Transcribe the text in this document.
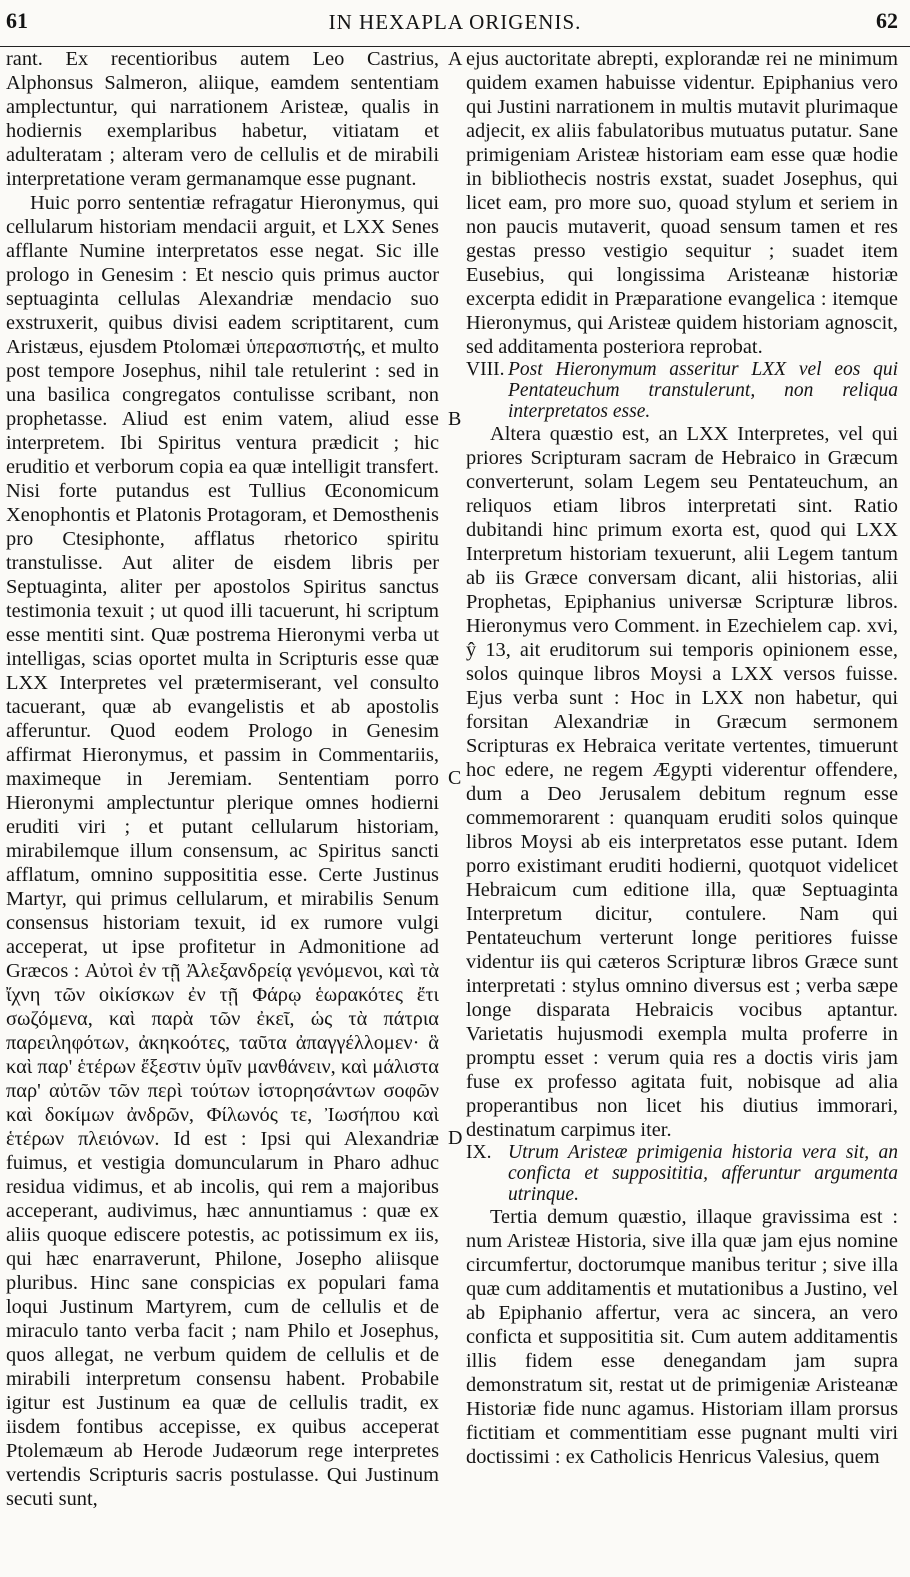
61	IN HEXAPLA ORIGENIS.	62
A
B
C
D

rant. Ex recentioribus autem Leo Castrius, Alphonsus Salmeron, aliique, eamdem sententiam amplectuntur, qui narrationem Aristeæ, qualis in hodiernis exemplaribus habetur, vitiatam et adulteratam ; alteram vero de cellulis et de mirabili interpretatione veram germanamque esse pugnant.

Huic porro sententiæ refragatur Hieronymus, qui cellularum historiam mendacii arguit, et LXX Senes afflante Numine interpretatos esse negat. Sic ille prologo in Genesim : Et nescio quis primus auctor septuaginta cellulas Alexandriæ mendacio suo exstruxerit, quibus divisi eadem scriptitarent, cum Aristæus, ejusdem Ptolomæi ὑπερασπιστής, et multo post tempore Josephus, nihil tale retulerint : sed in una basilica congregatos contulisse scribant, non prophetasse. Aliud est enim vatem, aliud esse interpretem. Ibi Spiritus ventura prædicit ; hic eruditio et verborum copia ea quæ intelligit transfert. Nisi forte putandus est Tullius Œconomicum Xenophontis et Platonis Protagoram, et Demosthenis pro Ctesiphonte, afflatus rhetorico spiritu transtulisse. Aut aliter de eisdem libris per Septuaginta, aliter per apostolos Spiritus sanctus testimonia texuit ; ut quod illi tacuerunt, hi scriptum esse mentiti sint. Quæ postrema Hieronymi verba ut intelligas, scias oportet multa in Scripturis esse quæ LXX Interpretes vel prætermiserant, vel consulto tacuerant, quæ ab evangelistis et ab apostolis afferuntur. Quod eodem Prologo in Genesim affirmat Hieronymus, et passim in Commentariis, maximeque in Jeremiam. Sententiam porro Hieronymi amplectuntur plerique omnes hodierni eruditi viri ; et putant cellularum historiam, mirabilemque illum consensum, ac Spiritus sancti afflatum, omnino supposititia esse. Certe Justinus Martyr, qui primus cellularum, et mirabilis Senum consensus historiam texuit, id ex rumore vulgi acceperat, ut ipse profitetur in Admonitione ad Græcos : Αὐτοὶ ἐν τῇ Ἀλεξανδρείᾳ γενόμενοι, καὶ τὰ ἴχνη τῶν οἰκίσκων ἐν τῇ Φάρῳ ἑωρακότες ἔτι σωζόμενα, καὶ παρὰ τῶν ἐκεῖ, ὡς τὰ πάτρια παρειληφότων, ἀκηκοότες, ταῦτα ἀπαγγέλλομεν· ἃ καὶ παρ' ἑτέρων ἔξεστιν ὑμῖν μανθάνειν, καὶ μάλιστα παρ' αὐτῶν τῶν περὶ τούτων ἱστορησάντων σοφῶν καὶ δοκίμων ἀνδρῶν, Φίλωνός τε, Ἰωσήπου καὶ ἑτέρων πλειόνων. Id est : Ipsi qui Alexandriæ fuimus, et vestigia domuncularum in Pharo adhuc residua vidimus, et ab incolis, qui rem a majoribus acceperant, audivimus, hæc annuntiamus : quæ ex aliis quoque ediscere potestis, ac potissimum ex iis, qui hæc enarraverunt, Philone, Josepho aliisque pluribus. Hinc sane conspicias ex populari fama loqui Justinum Martyrem, cum de cellulis et de miraculo tanto verba facit ; nam Philo et Josephus, quos allegat, ne verbum quidem de cellulis et de mirabili interpretum consensu habent. Probabile igitur est Justinum ea quæ de cellulis tradit, ex iisdem fontibus accepisse, ex quibus acceperat Ptolemæum ab Herode Judæorum rege interpretes vertendis Scripturis sacris postulasse. Qui Justinum secuti sunt,

ejus auctoritate abrepti, explorandæ rei ne minimum quidem examen habuisse videntur. Epiphanius vero qui Justini narrationem in multis mutavit plurimaque adjecit, ex aliis fabulatoribus mutuatus putatur. Sane primigeniam Aristeæ historiam eam esse quæ hodie in bibliothecis nostris exstat, suadet Josephus, qui licet eam, pro more suo, quoad stylum et seriem in non paucis mutaverit, quoad sensum tamen et res gestas presso vestigio sequitur ; suadet item Eusebius, qui longissima Aristeanæ historiæ excerpta edidit in Præparatione evangelica : itemque Hieronymus, qui Aristeæ quidem historiam agnoscit, sed additamenta posteriora reprobat.

VIII. Post Hieronymum asseritur LXX vel eos qui Pentateuchum transtulerunt, non reliqua interpretatos esse.

Altera quæstio est, an LXX Interpretes, vel qui priores Scripturam sacram de Hebraico in Græcum converterunt, solam Legem seu Pentateuchum, an reliquos etiam libros interpretati sint. Ratio dubitandi hinc primum exorta est, quod qui LXX Interpretum historiam texuerunt, alii Legem tantum ab iis Græce conversam dicant, alii historias, alii Prophetas, Epiphanius universæ Scripturæ libros. Hieronymus vero Comment. in Ezechielem cap. xvi, ŷ 13, ait eruditorum sui temporis opinionem esse, solos quinque libros Moysi a LXX versos fuisse. Ejus verba sunt : Hoc in LXX non habetur, qui forsitan Alexandriæ in Græcum sermonem Scripturas ex Hebraica veritate vertentes, timuerunt hoc edere, ne regem Ægypti viderentur offendere, dum a Deo Jerusalem debitum regnum esse commemorarent : quanquam eruditi solos quinque libros Moysi ab eis interpretatos esse putant. Idem porro existimant eruditi hodierni, quotquot videlicet Hebraicum cum editione illa, quæ Septuaginta Interpretum dicitur, contulere. Nam qui Pentateuchum verterunt longe peritiores fuisse videntur iis qui cæteros Scripturæ libros Græce sunt interpretati : stylus omnino diversus est ; verba sæpe longe disparata Hebraicis vocibus aptantur. Varietatis hujusmodi exempla multa proferre in promptu esset : verum quia res a doctis viris jam fuse ex professo agitata fuit, nobisque ad alia properantibus non licet his diutius immorari, destinatum carpimus iter.

IX. Utrum Aristeæ primigenia historia vera sit, an conficta et supposititia, afferuntur argumenta utrinque.

Tertia demum quæstio, illaque gravissima est : num Aristeæ Historia, sive illa quæ jam ejus nomine circumfertur, doctorumque manibus teritur ; sive illa quæ cum additamentis et mutationibus a Justino, vel ab Epiphanio affertur, vera ac sincera, an vero conficta et supposititia sit. Cum autem additamentis illis fidem esse denegandam jam supra demonstratum sit, restat ut de primigeniæ Aristeanæ Historiæ fide nunc agamus. Historiam illam prorsus fictitiam et commentitiam esse pugnant multi viri doctissimi : ex Catholicis Henricus Valesius, quem
